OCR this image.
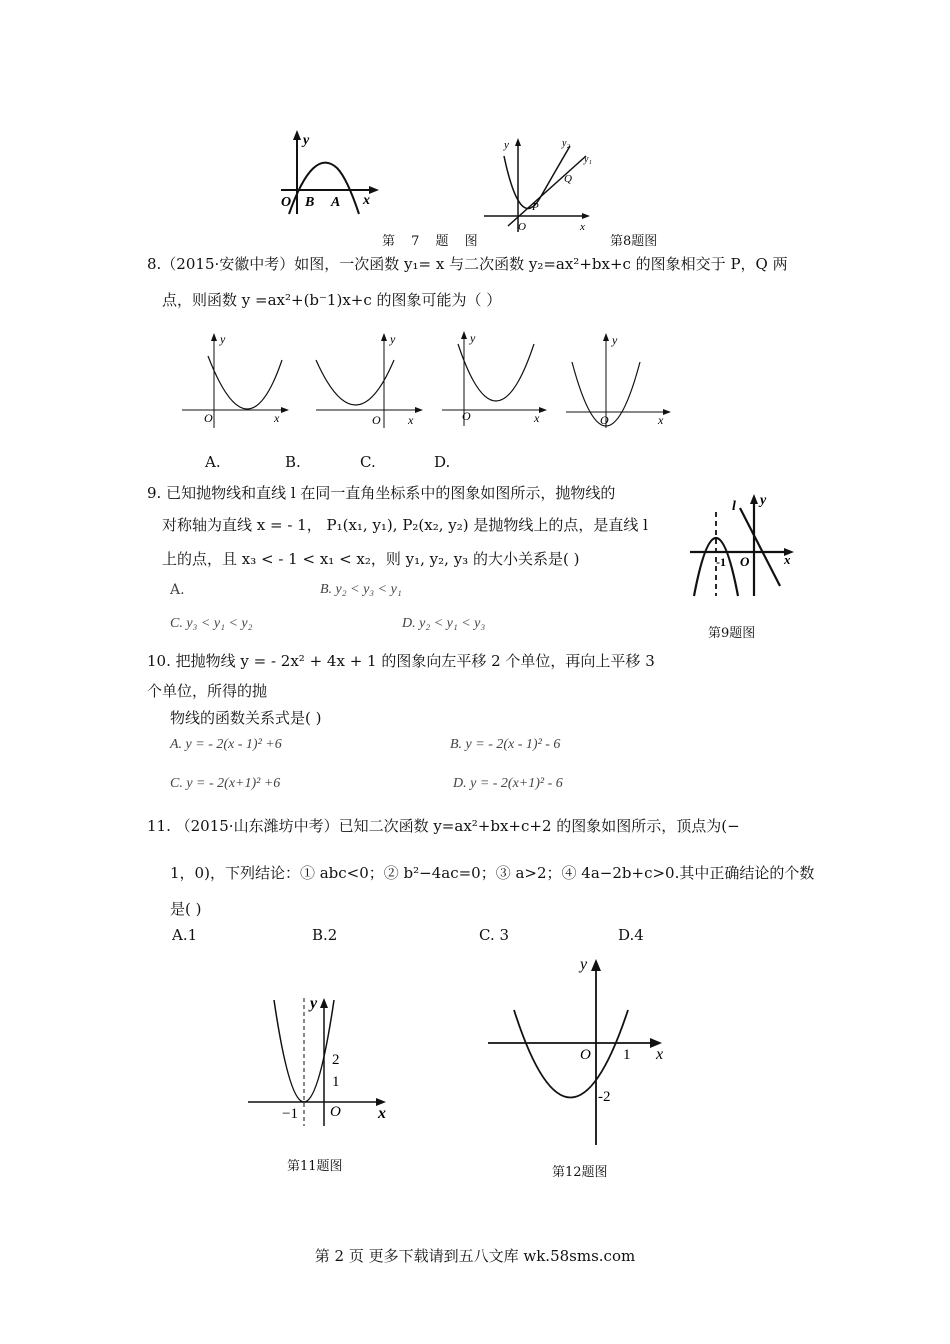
y
O B A x
第 7 题 图
y	y₂
y₁
Q
P
O	x
第8题图
8.（2015·安徽中考）如图，一次函数 y₁= x 与二次函数 y₂=ax²+bx+c 的图象相交于 P，Q 两
点，则函数 y =ax²+(b⁻1)x+c 的图象可能为（ ）
y
O	x
y
O x
y
O	x
y
O	x
A.	B.	C.	D.
9. 已知抛物线和直线 l 在同一直角坐标系中的图象如图所示，抛物线的
对称轴为直线 x = - 1， P₁(x₁, y₁), P₂(x₂, y₂) 是抛物线上的点，是直线 l
上的点，且 x₃ < - 1 < x₁ < x₂，则 y₁, y₂, y₃ 的大小关系是( )
A.	B. y₂ < y₃ < y₁
C. y₃ < y₁ < y₂	D. y₂ < y₁ < y₃
l y
-1 O	x
第9题图
10. 把抛物线 y = - 2x² + 4x + 1 的图象向左平移 2 个单位，再向上平移 3
个单位，所得的抛
物线的函数关系式是( )
A. y = - 2(x - 1)² +6	B. y = - 2(x - 1)² - 6
C. y = - 2(x+1)² +6	D. y = - 2(x+1)² - 6
11. （2015·山东潍坊中考）已知二次函数 y=ax²+bx+c+2 的图象如图所示，顶点为(−
1，0)，下列结论：① abc<0；② b²−4ac=0；③ a>2；④ 4a−2b+c>0.其中正确结论的个数
是( )
A.1	B.2	C. 3	D.4
y
2
1
−1 O x
第11题图
y
O 1 x
-2
第12题图
第 2 页 更多下载请到五八文库 wk.58sms.com
